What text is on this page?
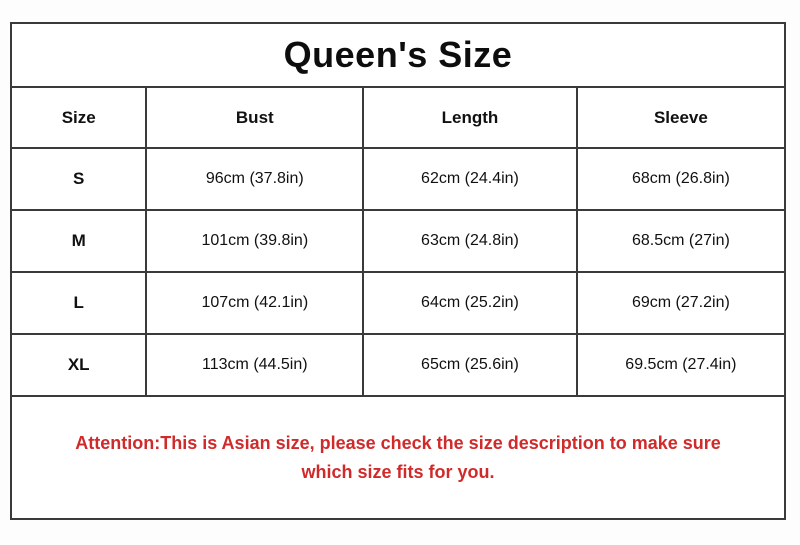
Queen's Size			
Size	Bust	Length	Sleeve
S	96cm (37.8in)	62cm (24.4in)	68cm (26.8in)
M	101cm (39.8in)	63cm (24.8in)	68.5cm (27in)
L	107cm (42.1in)	64cm (25.2in)	69cm (27.2in)
XL	113cm (44.5in)	65cm (25.6in)	69.5cm (27.4in)

Attention:This is Asian size, please check the size description to make sure which size fits for you.			
